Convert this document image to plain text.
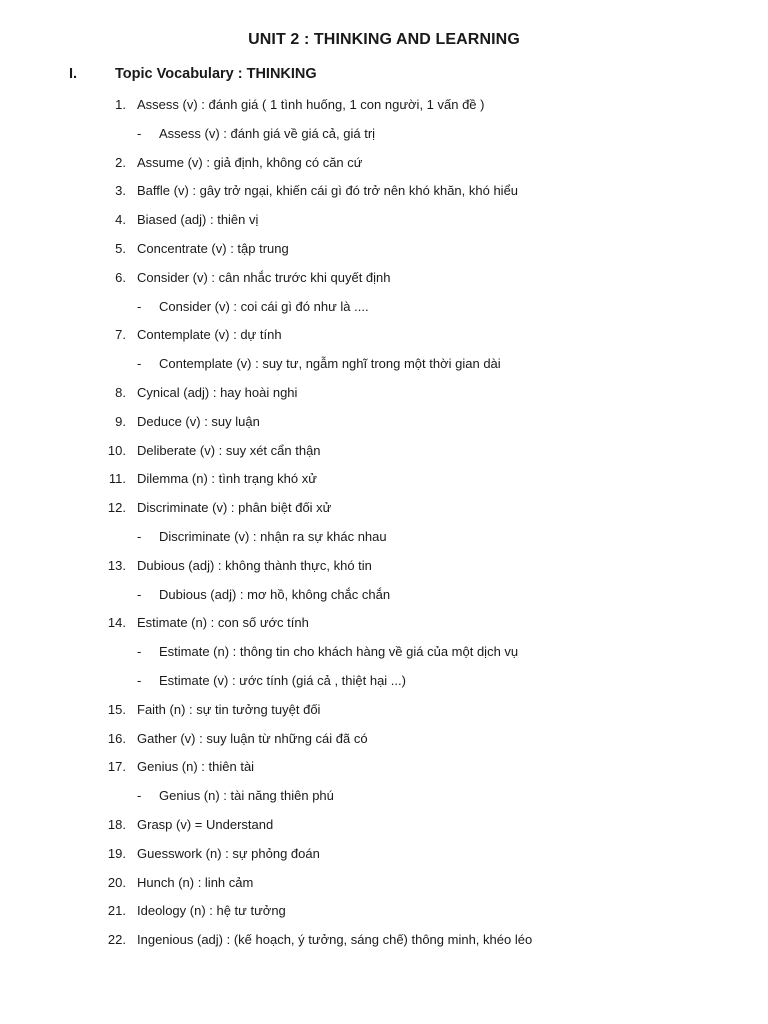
UNIT 2 : THINKING AND LEARNING
I.	Topic Vocabulary : THINKING
1. Assess (v) : đánh giá ( 1 tình huống, 1 con người, 1 vấn đề )
- Assess (v) : đánh giá về giá cả, giá trị
2. Assume (v) : giả định, không có căn cứ
3. Baffle (v) : gây trở ngại, khiến cái gì đó trở nên khó khăn, khó hiểu
4. Biased (adj) : thiên vị
5. Concentrate (v) : tập trung
6. Consider (v) : cân nhắc trước khi quyết định
- Consider (v) : coi cái gì đó như là ....
7. Contemplate (v) : dự tính
- Contemplate (v) : suy tư, ngẫm nghĩ trong một thời gian dài
8. Cynical (adj) : hay hoài nghi
9. Deduce (v) : suy luận
10. Deliberate (v) : suy xét cẩn thận
11. Dilemma (n) : tình trạng khó xử
12. Discriminate (v) : phân biệt đối xử
- Discriminate (v) : nhận ra sự khác nhau
13. Dubious (adj) : không thành thực, khó tin
- Dubious (adj) : mơ hồ, không chắc chắn
14. Estimate (n) : con số ước tính
- Estimate (n) : thông tin cho khách hàng về giá của một dịch vụ
- Estimate (v) : ước tính (giá cả , thiệt hại ...)
15. Faith (n) : sự tin tưởng tuyệt đối
16. Gather (v) : suy luận từ những cái đã có
17. Genius (n) : thiên tài
- Genius (n) : tài năng thiên phú
18. Grasp (v) = Understand
19. Guesswork (n) : sự phỏng đoán
20. Hunch (n) : linh cảm
21. Ideology (n) : hệ tư tưởng
22. Ingenious (adj) : (kế hoạch, ý tưởng, sáng chế) thông minh, khéo léo
